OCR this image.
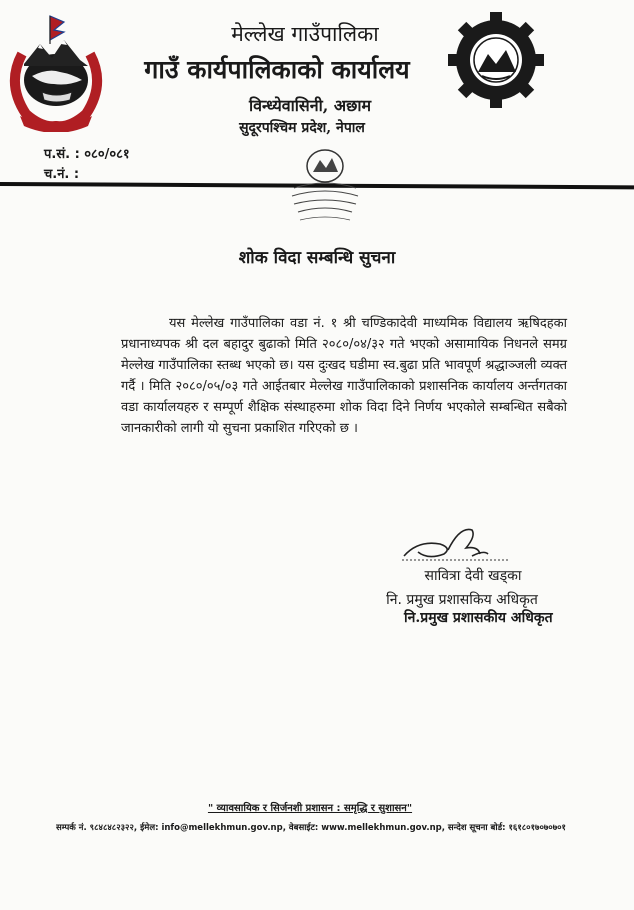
मेल्लेख गाउँपालिका
गाउँ कार्यपालिकाको कार्यालय
विन्ध्येवासिनी, अछाम
सुदूरपश्चिम प्रदेश, नेपाल
प.सं. : ०८०/०८१
च.नं. :
शोक विदा सम्बन्धि सुचना
यस मेल्लेख गाउँपालिका वडा नं. १ श्री चण्डिकादेवी माध्यमिक विद्यालय ऋषिदहका प्रधानाध्यपक श्री दल बहादुर बुढाको मिति २०८०/०४/३२ गते भएको असामायिक निधनले समग्र मेल्लेख गाउँपालिका स्तब्ध भएको छ। यस दुःखद घडीमा स्व.बुढा प्रति भावपूर्ण श्रद्धाञ्जली व्यक्त गर्दै । मिति २०८०/०५/०३ गते आईतबार मेल्लेख गाउँपालिकाको प्रशासनिक कार्यालय अर्न्तगतका वडा कार्यालयहरु र सम्पूर्ण शैक्षिक संस्थाहरुमा शोक विदा दिने निर्णय भएकोले सम्बन्धित सबैको जानकारीको लागी यो सुचना प्रकाशित गरिएको छ ।
सावित्रा देवी खड्का
नि. प्रमुख प्रशासकिय अधिकृत
नि.प्रमुख प्रशासकीय अधिकृत
" व्यावसायिक र सिर्जनशी प्रशासन : समृद्धि र सुशासन"
सम्पर्क नं. ९८४८४८२३२२, ईमेल: info@mellekhmun.gov.np, वेबसाईट: www.mellekhmun.gov.np, सन्देश सूचना बोर्ड: १६१८०१७०७०७०१
